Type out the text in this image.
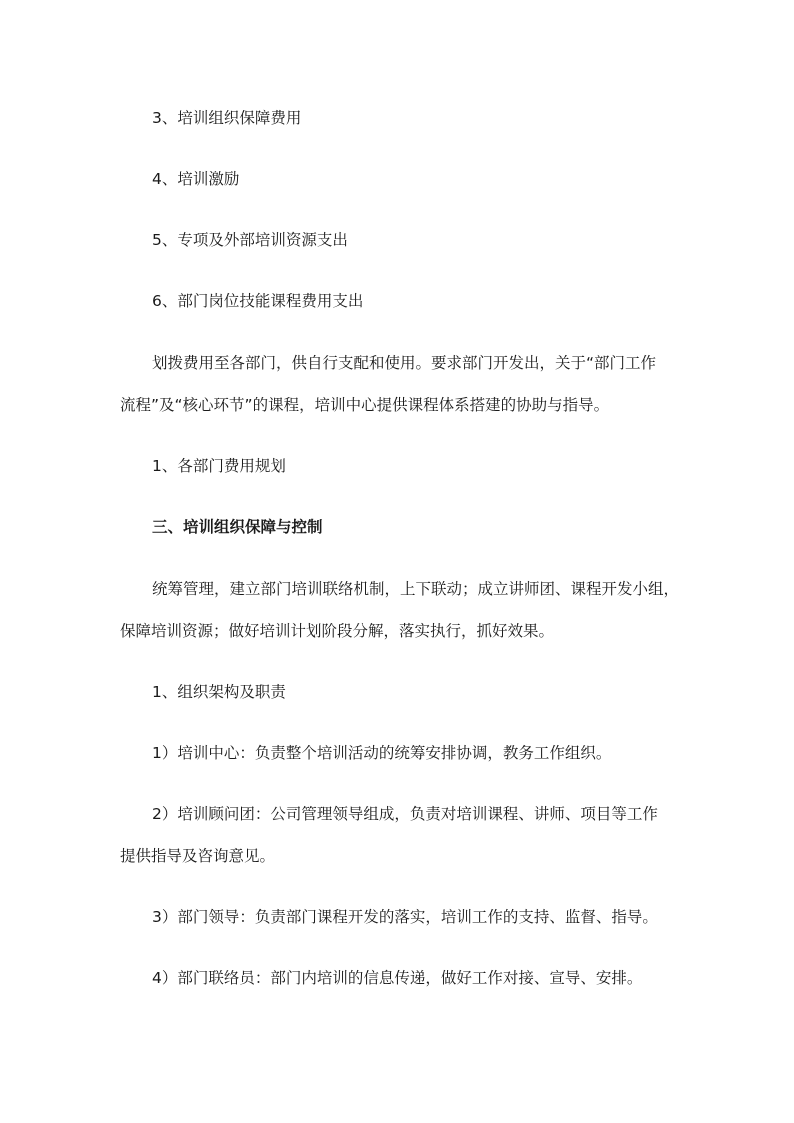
3、培训组织保障费用
4、培训激励
5、专项及外部培训资源支出
6、部门岗位技能课程费用支出
划拨费用至各部门，供自行支配和使用。要求部门开发出，关于“部门工作
流程”及“核心环节”的课程，培训中心提供课程体系搭建的协助与指导。
1、各部门费用规划
三、培训组织保障与控制
统筹管理，建立部门培训联络机制，上下联动；成立讲师团、课程开发小组，
保障培训资源；做好培训计划阶段分解，落实执行，抓好效果。
1、组织架构及职责
1）培训中心：负责整个培训活动的统筹安排协调，教务工作组织。
2）培训顾问团：公司管理领导组成，负责对培训课程、讲师、项目等工作
提供指导及咨询意见。
3）部门领导：负责部门课程开发的落实，培训工作的支持、监督、指导。
4）部门联络员：部门内培训的信息传递，做好工作对接、宣导、安排。
